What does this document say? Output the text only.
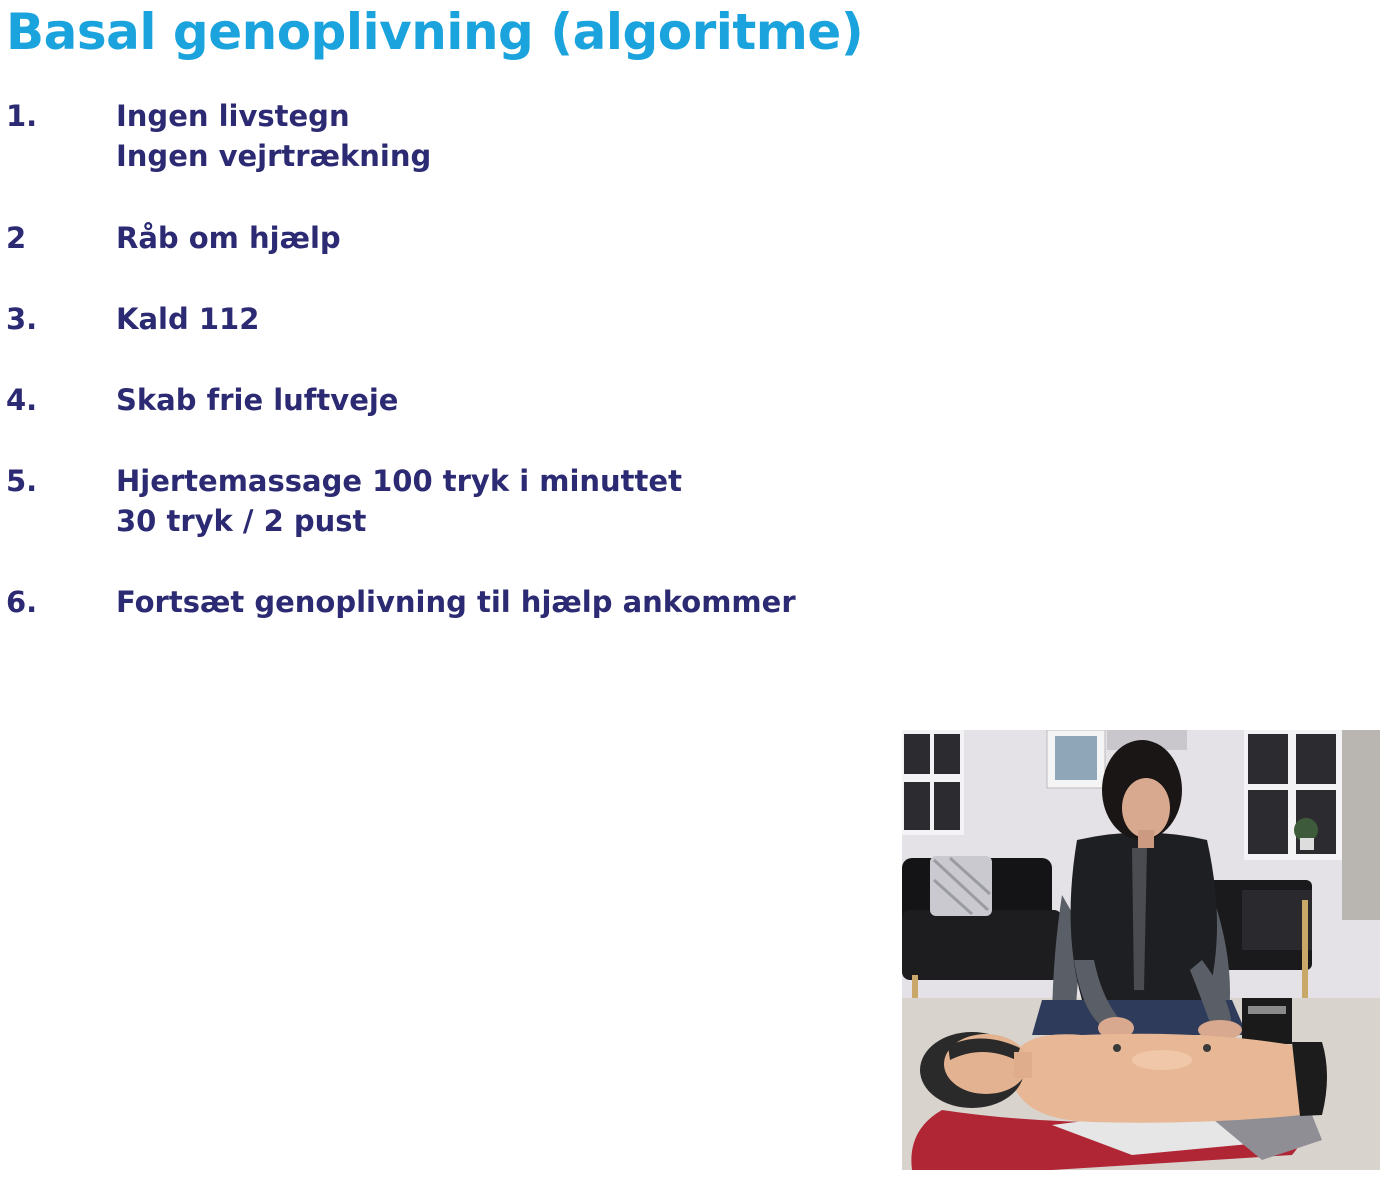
Basal genoplivning (algoritme)
1.	Ingen livstegn
Ingen vejrtrækning
2	Råb om hjælp
3.	Kald 112
4.	Skab frie luftveje
5.	Hjertemassage 100 tryk i minuttet
30 tryk / 2 pust
6.	Fortsæt genoplivning til hjælp ankommer
